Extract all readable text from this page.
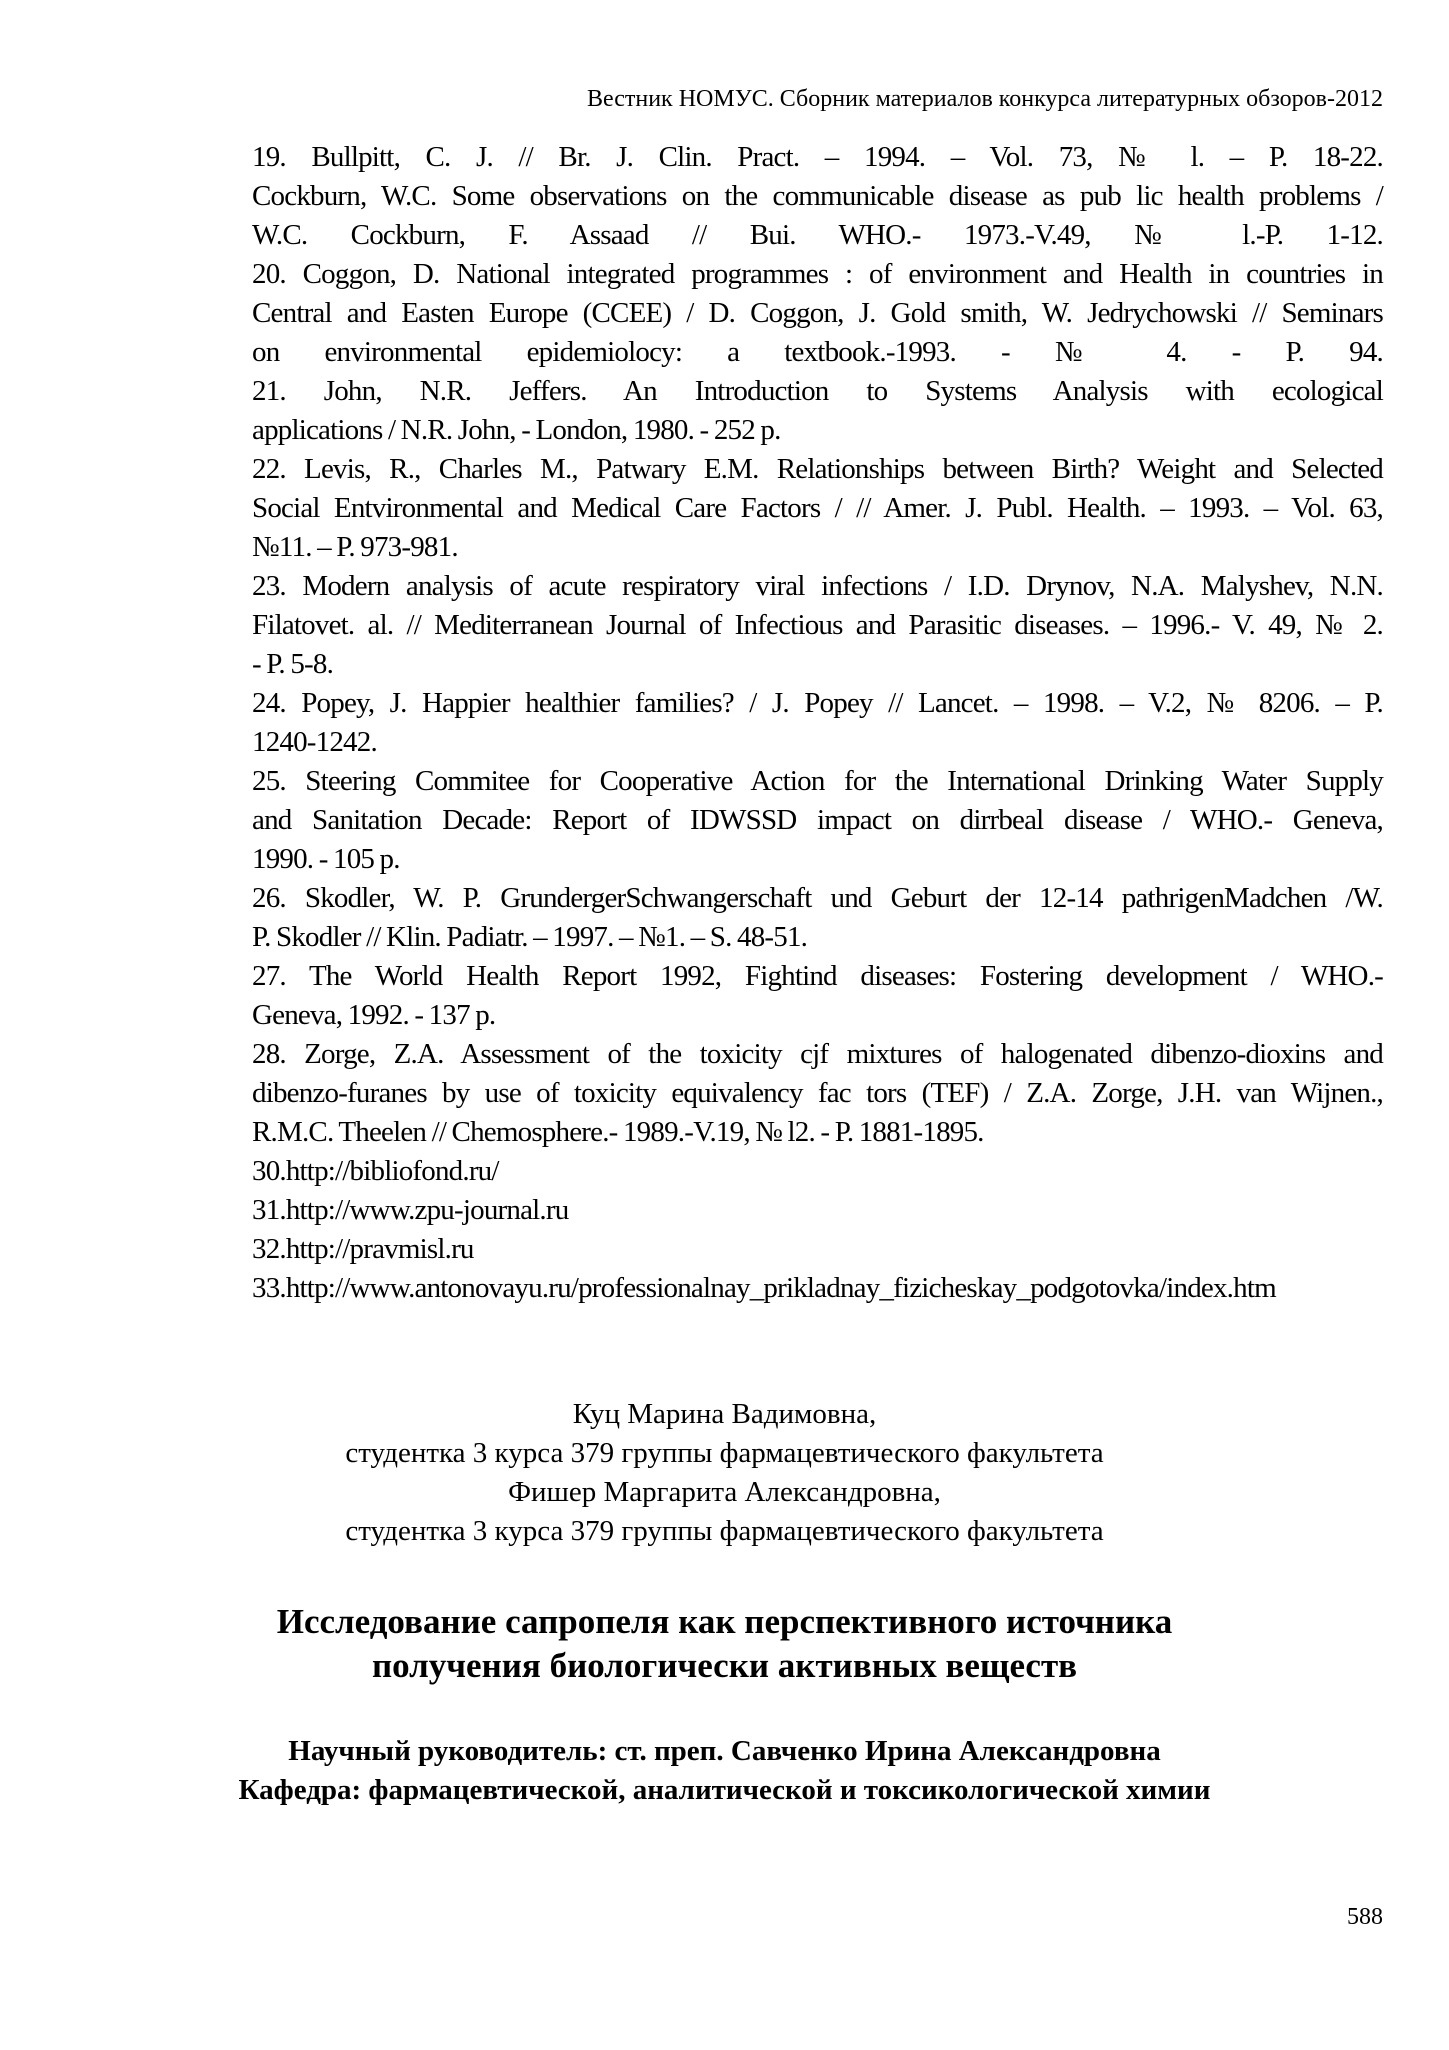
Вестник НОМУС. Сборник материалов конкурса литературных обзоров-2012

19. Bullpitt, C. J. // Br. J. Clin. Pract. – 1994. – Vol. 73, № l. – P. 18-22.

Cockburn, W.C. Some observations on the communicable disease as pub lic health problems /

W.C. Cockburn, F. Assaad // Bui. WHO.- 1973.-V.49, № l.-P. 1-12.

20. Coggon, D. National integrated programmes : of environment and Health in countries in

Central and Easten Europe (CCEE) / D. Coggon, J. Gold smith, W. Jedrychowski // Seminars

on environmental epidemiolocy: a textbook.-1993. - № 4. - P. 94.

21. John, N.R. Jeffers. An Introduction to Systems Analysis with ecological

applications / N.R. John, - London, 1980. - 252 p.

22. Levis, R., Charles M., Patwary E.M. Relationships between Birth? Weight and Selected

Social Entvironmental and Medical Care Factors / // Amer. J. Publ. Health. – 1993. – Vol. 63,

№11. – P. 973-981.

23. Modern analysis of acute respiratory viral infections / I.D. Drynov, N.A. Malyshev, N.N.

Filatovet. al. // Mediterranean Journal of Infectious and Parasitic diseases. – 1996.- V. 49, № 2.

- P. 5-8.

24. Popey, J. Happier healthier families? / J. Popey // Lancet. – 1998. – V.2, № 8206. – P.

1240-1242.

25. Steering Commitee for Cooperative Action for the International Drinking Water Supply

and Sanitation Decade: Report of IDWSSD impact on dirrbeal disease / WHO.- Geneva,

1990. - 105 p.

26. Skodler, W. P. GrundergerSchwangerschaft und Geburt der 12-14 pathrigenMadchen /W.

P. Skodler // Klin. Padiatr. – 1997. – №1. – S. 48-51.

27. The World Health Report 1992, Fightind diseases: Fostering development / WHO.-

Geneva, 1992. - 137 p.

28. Zorge, Z.A. Assessment of the toxicity cjf mixtures of halogenated dibenzo-dioxins and

dibenzo-furanes by use of toxicity equivalency fac tors (TEF) / Z.A. Zorge, J.H. van Wijnen.,

R.M.C. Theelen // Chemosphere.- 1989.-V.19, № l2. - P. 1881-1895.

30.http://bibliofond.ru/

31.http://www.zpu-journal.ru

32.http://pravmisl.ru

33.http://www.antonovayu.ru/professionalnay_prikladnay_fizicheskay_podgotovka/index.htm

Куц Марина Вадимовна,
студентка 3 курса 379 группы фармацевтического факультета
Фишер Маргарита Александровна,
студентка 3 курса 379 группы фармацевтического факультета
Исследование сапропеля как перспективного источника
получения биологически активных веществ
Научный руководитель: ст. преп. Савченко Ирина Александровна
Кафедра: фармацевтической, аналитической и токсикологической химии
588
